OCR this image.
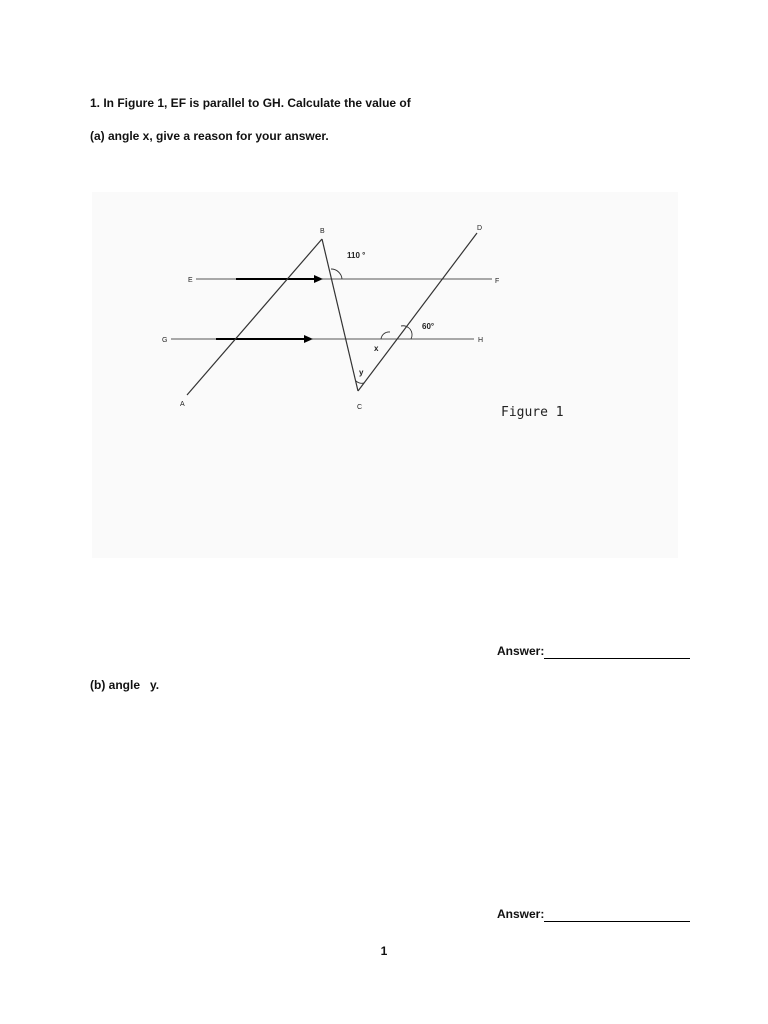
1. In Figure 1, EF is parallel to GH. Calculate the value of
(a) angle x, give a reason for your answer.
A
B
C
D
E	F
G	H
110 °
60°
x
y
Figure 1
Answer:
(b) angle   y.
Answer:
1
